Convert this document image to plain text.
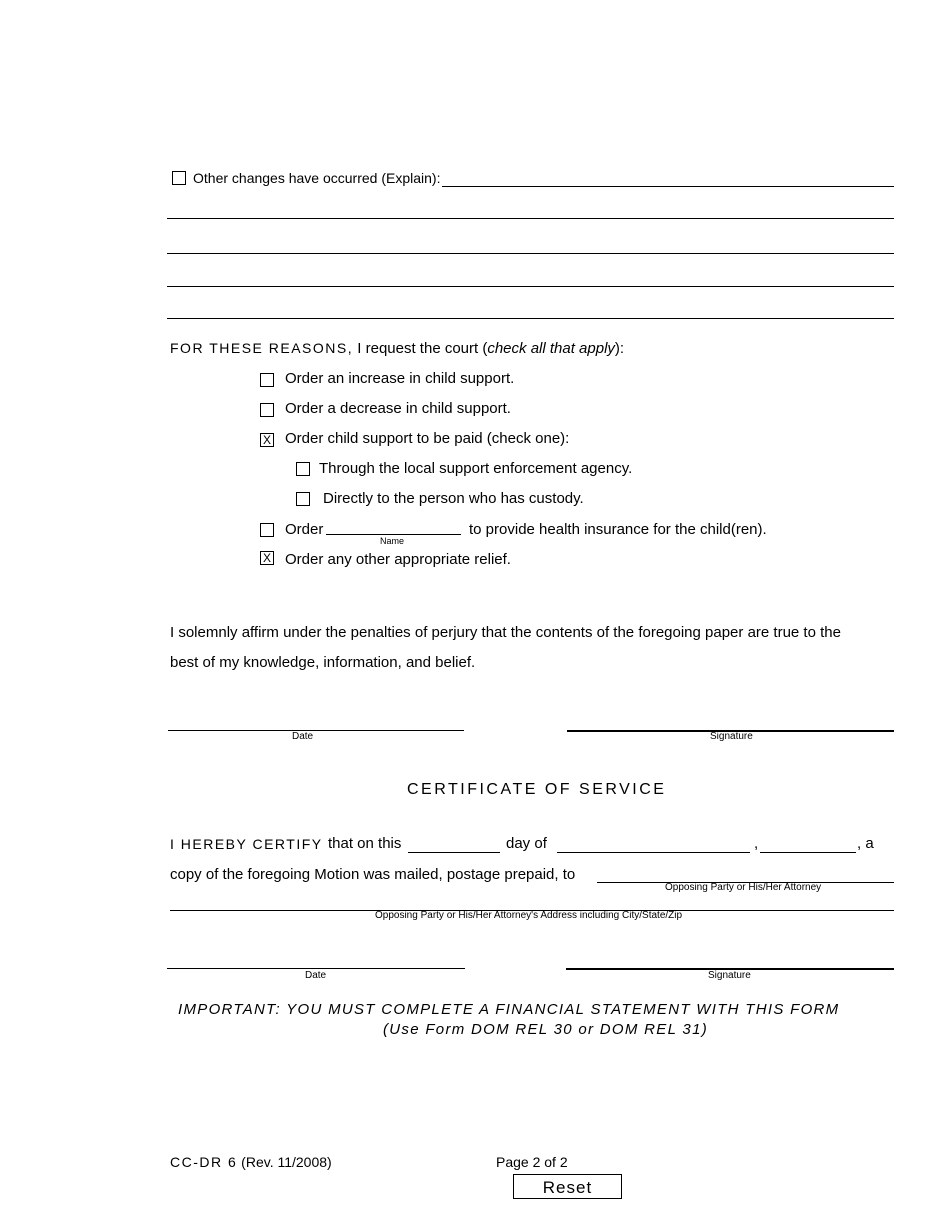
Other changes have occurred (Explain):
FOR THESE REASONS, I request the court (check all that apply):
Order an increase in child support.
Order a decrease in child support.
X Order child support to be paid (check one):
Through the local support enforcement agency.
Directly to the person who has custody.
Order
Name
to provide health insurance for the child(ren).
X Order any other appropriate relief.
I solemnly affirm under the penalties of perjury that the contents of the foregoing paper are true to the
best of my knowledge, information, and belief.
Date	Signature
CERTIFICATE OF SERVICE
I HEREBY CERTIFY that on this	day of	,	, a
copy of the foregoing Motion was mailed, postage prepaid, to
Opposing Party or His/Her Attorney
Opposing Party or His/Her Attorney's Address including City/State/Zip
Date	Signature
IMPORTANT: YOU MUST COMPLETE A FINANCIAL STATEMENT WITH THIS FORM
(Use Form DOM REL 30 or DOM REL 31)
CC-DR 6 (Rev. 11/2008)	Page 2 of 2
Reset
